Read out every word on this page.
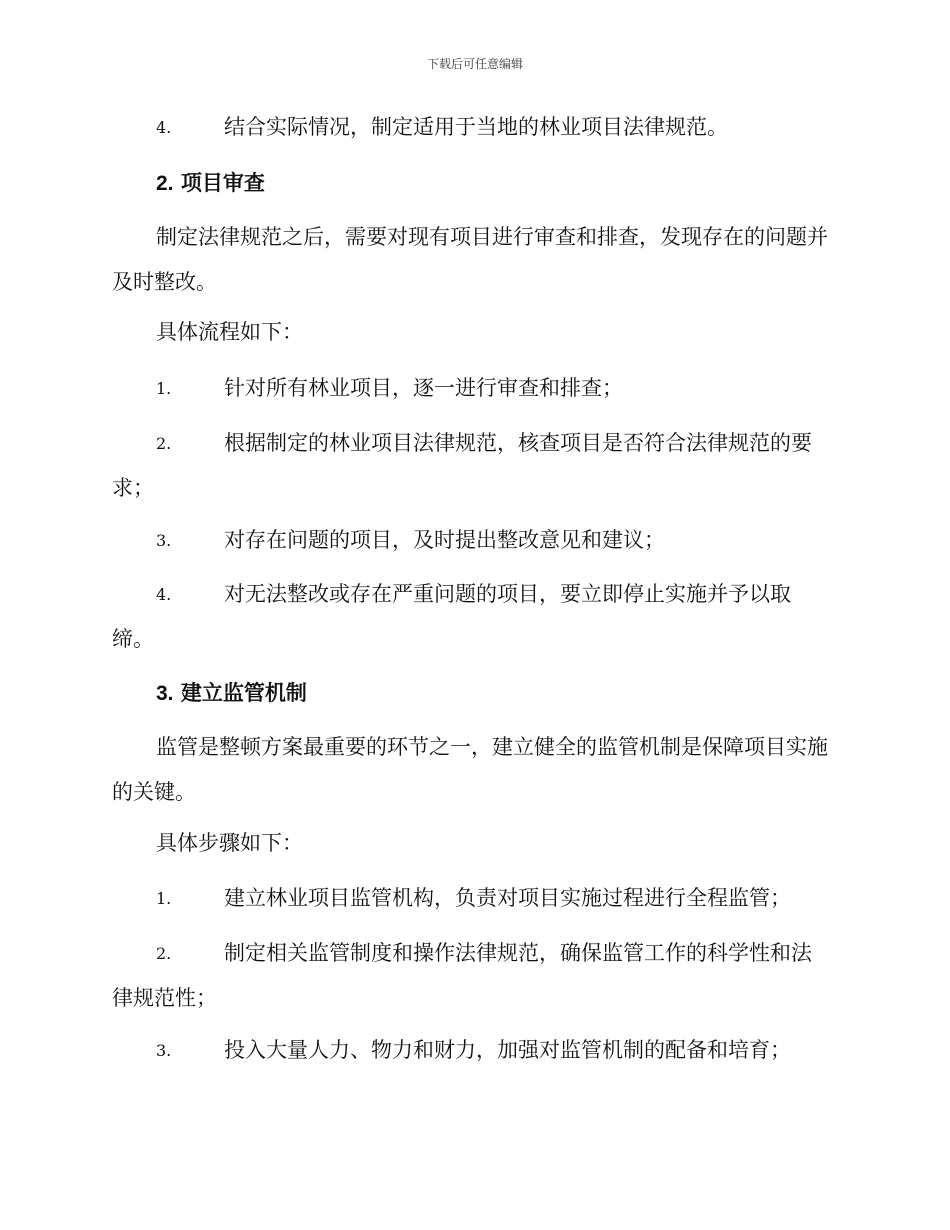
下载后可任意编辑
4.	结合实际情况，制定适用于当地的林业项目法律规范。
2. 项目审查
制定法律规范之后，需要对现有项目进行审查和排查，发现存在的问题并及时整改。
具体流程如下：
1.	针对所有林业项目，逐一进行审查和排查；
2.	根据制定的林业项目法律规范，核查项目是否符合法律规范的要求；
3.	对存在问题的项目，及时提出整改意见和建议；
4.	对无法整改或存在严重问题的项目，要立即停止实施并予以取缔。
3. 建立监管机制
监管是整顿方案最重要的环节之一，建立健全的监管机制是保障项目实施的关键。
具体步骤如下：
1.	建立林业项目监管机构，负责对项目实施过程进行全程监管；
2.	制定相关监管制度和操作法律规范，确保监管工作的科学性和法律规范性；
3.	投入大量人力、物力和财力，加强对监管机制的配备和培育；
